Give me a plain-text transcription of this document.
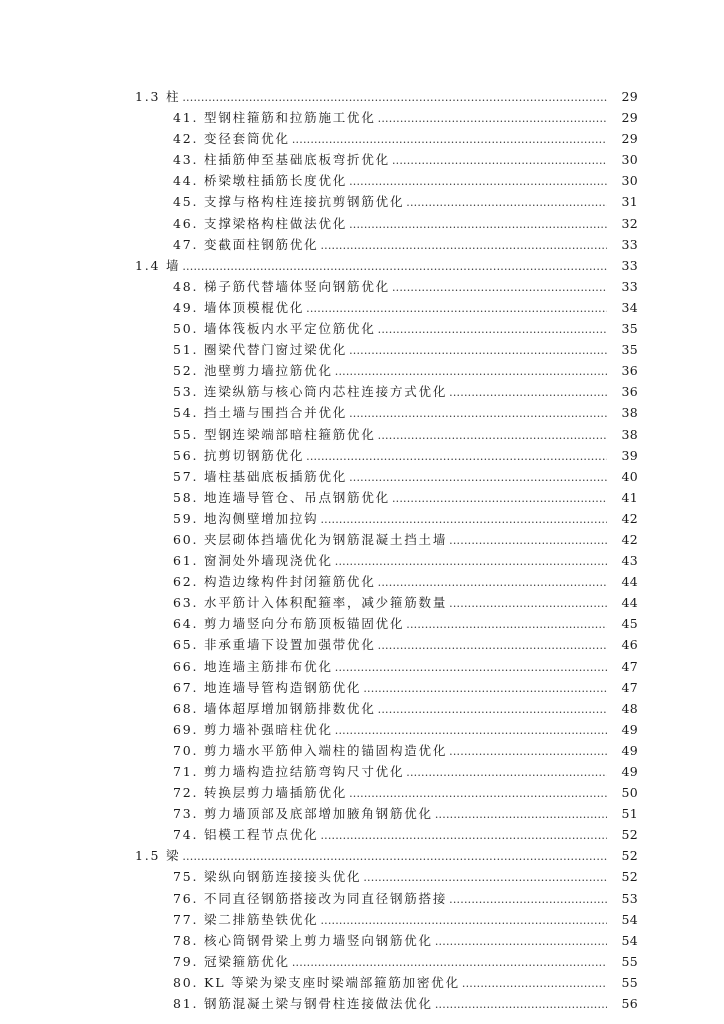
1.3 柱 .....	29
41. 型钢柱箍筋和拉筋施工优化 .....	29
42. 变径套筒优化 .....	29
43. 柱插筋伸至基础底板弯折优化 .....	30
44. 桥梁墩柱插筋长度优化 .....	30
45. 支撑与格构柱连接抗剪钢筋优化 .....	31
46. 支撑梁格构柱做法优化 .....	32
47. 变截面柱钢筋优化 .....	33
1.4 墙 .....	33
48. 梯子筋代替墙体竖向钢筋优化 .....	33
49. 墙体顶模棍优化 .....	34
50. 墙体筏板内水平定位筋优化 .....	35
51. 圈梁代替门窗过梁优化 .....	35
52. 池壁剪力墙拉筋优化 .....	36
53. 连梁纵筋与核心筒内芯柱连接方式优化 .....	36
54. 挡土墙与围挡合并优化 .....	38
55. 型钢连梁端部暗柱箍筋优化 .....	38
56. 抗剪切钢筋优化 .....	39
57. 墙柱基础底板插筋优化 .....	40
58. 地连墙导管仓、吊点钢筋优化 .....	41
59. 地沟侧壁增加拉钩 .....	42
60. 夹层砌体挡墙优化为钢筋混凝土挡土墙 .....	42
61. 窗洞处外墙现浇优化 .....	43
62. 构造边缘构件封闭箍筋优化 .....	44
63. 水平筋计入体积配箍率，减少箍筋数量 .....	44
64. 剪力墙竖向分布筋顶板锚固优化 .....	45
65. 非承重墙下设置加强带优化 .....	46
66. 地连墙主筋排布优化 .....	47
67. 地连墙导管构造钢筋优化 .....	47
68. 墙体超厚增加钢筋排数优化 .....	48
69. 剪力墙补强暗柱优化 .....	49
70. 剪力墙水平筋伸入端柱的锚固构造优化 .....	49
71. 剪力墙构造拉结筋弯钩尺寸优化 .....	49
72. 转换层剪力墙插筋优化 .....	50
73. 剪力墙顶部及底部增加腋角钢筋优化 .....	51
74. 铝模工程节点优化 .....	52
1.5 梁 .....	52
75. 梁纵向钢筋连接接头优化 .....	52
76. 不同直径钢筋搭接改为同直径钢筋搭接 .....	53
77. 梁二排筋垫铁优化 .....	54
78. 核心筒钢骨梁上剪力墙竖向钢筋优化 .....	54
79. 冠梁箍筋优化 .....	55
80. KL 等梁为梁支座时梁端部箍筋加密优化 .....	55
81. 钢筋混凝土梁与钢骨柱连接做法优化 .....	56
